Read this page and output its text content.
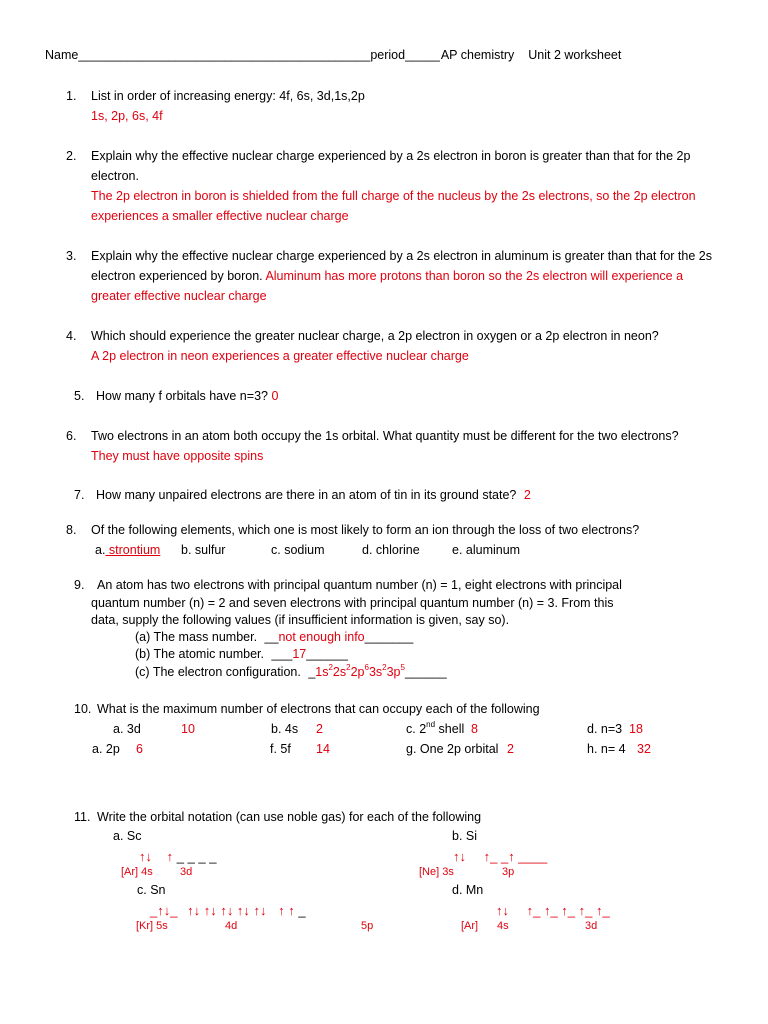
Name__________________________________________period_____AP chemistry Unit 2 worksheet
1. List in order of increasing energy: 4f, 6s, 3d,1s,2p
1s, 2p, 6s, 4f
2. Explain why the effective nuclear charge experienced by a 2s electron in boron is greater than that for the 2p
electron.
The 2p electron in boron is shielded from the full charge of the nucleus by the 2s electrons, so the 2p electron
experiences a smaller effective nuclear charge
3. Explain why the effective nuclear charge experienced by a 2s electron in aluminum is greater than that for the 2s
electron experienced by boron. Aluminum has more protons than boron so the 2s electron will experience a
greater effective nuclear charge
4. Which should experience the greater nuclear charge, a 2p electron in oxygen or a 2p electron in neon?
A 2p electron in neon experiences a greater effective nuclear charge
5. How many f orbitals have n=3? 0
6. Two electrons in an atom both occupy the 1s orbital. What quantity must be different for the two electrons?
They must have opposite spins
7. How many unpaired electrons are there in an atom of tin in its ground state? 2
8. Of the following elements, which one is most likely to form an ion through the loss of two electrons?
a. strontium b. sulfur	c. sodium	d. chlorine	e. aluminum
9. An atom has two electrons with principal quantum number (n) = 1, eight electrons with principal
quantum number (n) = 2 and seven electrons with principal quantum number (n) = 3. From this
data, supply the following values (if insufficient information is given, say so).
(a) The mass number. __not enough info_______
(b) The atomic number. ___17______
(c) The electron configuration. $\_1s^22s^22p^63s^23p^5\_\_\_\_\_\_$
10. What is the maximum number of electrons that can occupy each of the following
a. 3d	10	b. 4s 2	c. 2nd shell 8	d. n=3 18
a. 2p 6	f. 5f 14	g. One 2p orbital 2	h. n= 4 32
11. Write the orbital notation (can use noble gas) for each of the following
a. Sc	b. Si
↑↓ ↑ _ _ _ _
[Ar] 4s 3d
↑↓ ↑_ _↑ ____
[Ne] 3s	3p
c. Sn	d. Mn
_↑↓_ ↑↓ ↑↓ ↑↓ ↑↓ ↑↓ ↑ ↑ _
[Kr] 5s	4d	5p
↑↓ ↑_ ↑_ ↑_ ↑_ ↑_
[Ar] 4s	3d
